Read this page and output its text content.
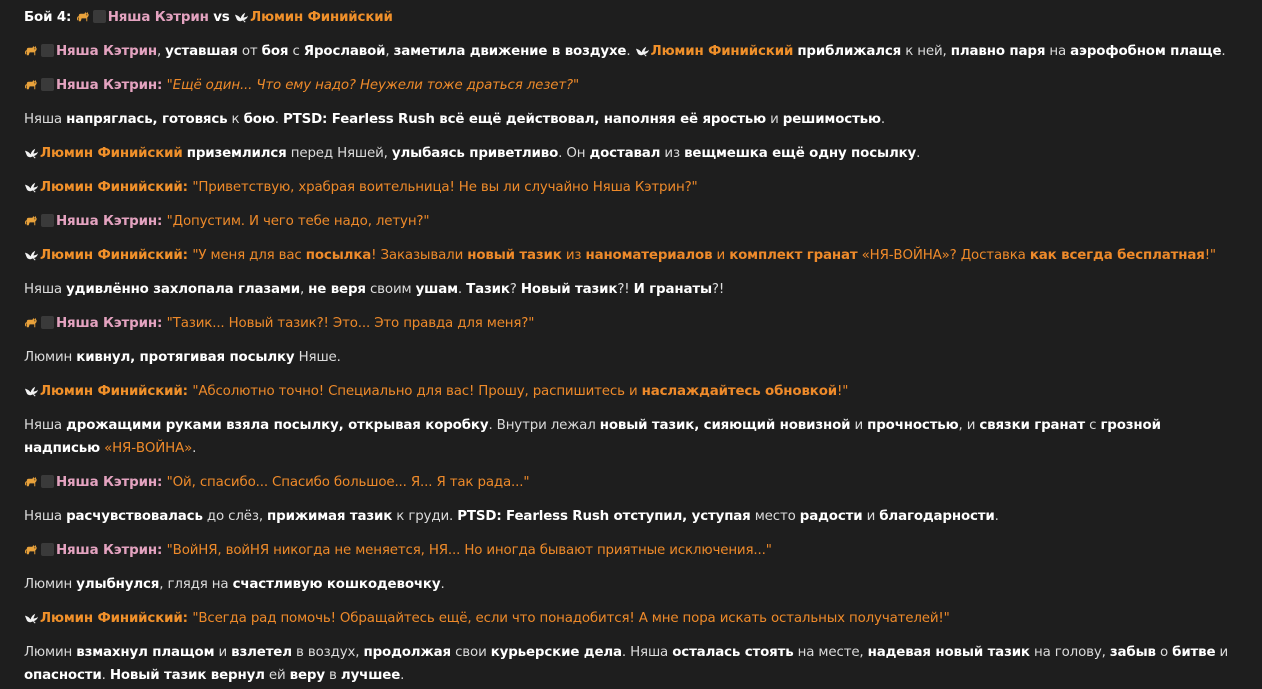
Бой 4:	Няша Кэтрин vs Люмин Финийский

Няша Кэтрин, уставшая от боя с Ярославой, заметила движение в воздухе. Люмин Финийский приближался к ней, плавно паря на аэрофобном плаще.

Няша Кэтрин: "Ещё один... Что ему надо? Неужели тоже драться лезет?"

Няша напряглась, готовясь к бою. PTSD: Fearless Rush всё ещё действовал, наполняя её яростью и решимостью.

Люмин Финийский приземлился перед Няшей, улыбаясь приветливо. Он доставал из вещмешка ещё одну посылку.

Люмин Финийский: "Приветствую, храбрая воительница! Не вы ли случайно Няша Кэтрин?"

Няша Кэтрин: "Допустим. И чего тебе надо, летун?"

Люмин Финийский: "У меня для вас посылка! Заказывали новый тазик из наноматериалов и комплект гранат «НЯ-ВОЙНА»? Доставка как всегда бесплатная!"

Няша удивлённо захлопала глазами, не веря своим ушам. Тазик? Новый тазик?! И гранаты?!

Няша Кэтрин: "Тазик... Новый тазик?! Это... Это правда для меня?"

Люмин кивнул, протягивая посылку Няше.

Люмин Финийский: "Абсолютно точно! Специально для вас! Прошу, распишитесь и наслаждайтесь обновкой!"

Няша дрожащими руками взяла посылку, открывая коробку. Внутри лежал новый тазик, сияющий новизной и прочностью, и связки гранат с грозной надписью «НЯ-ВОЙНА».

Няша Кэтрин: "Ой, спасибо... Спасибо большое... Я... Я так рада..."

Няша расчувствовалась до слёз, прижимая тазик к груди. PTSD: Fearless Rush отступил, уступая место радости и благодарности.

Няша Кэтрин: "ВойНЯ, войНЯ никогда не меняется, НЯ... Но иногда бывают приятные исключения..."

Люмин улыбнулся, глядя на счастливую кошкодевочку.

Люмин Финийский: "Всегда рад помочь! Обращайтесь ещё, если что понадобится! А мне пора искать остальных получателей!"

Люмин взмахнул плащом и взлетел в воздух, продолжая свои курьерские дела. Няша осталась стоять на месте, надевая новый тазик на голову, забыв о битве и опасности. Новый тазик вернул ей веру в лучшее.
